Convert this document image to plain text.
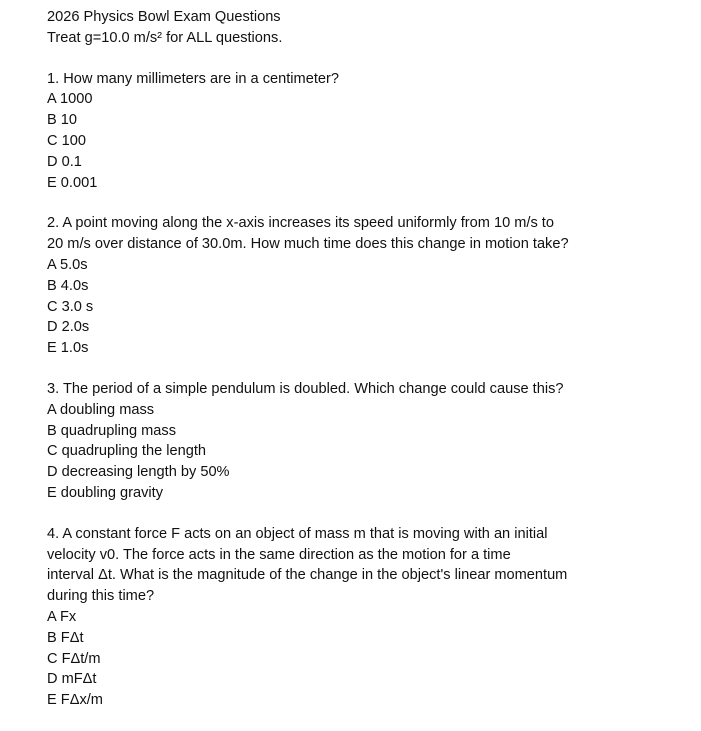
2026 Physics Bowl Exam Questions
Treat g=10.0 m/s² for ALL questions.
1. How many millimeters are in a centimeter?
A 1000
B 10
C 100
D 0.1
E 0.001
2. A point moving along the x-axis increases its speed uniformly from 10 m/s to
20 m/s over distance of 30.0m. How much time does this change in motion take?
A 5.0s
B 4.0s
C 3.0 s
D 2.0s
E 1.0s
3. The period of a simple pendulum is doubled. Which change could cause this?
A doubling mass
B quadrupling mass
C quadrupling the length
D decreasing length by 50%
E doubling gravity
4. A constant force F acts on an object of mass m that is moving with an initial
velocity v0. The force acts in the same direction as the motion for a time
interval Δt. What is the magnitude of the change in the object's linear momentum
during this time?
A Fx
B FΔt
C FΔt/m
D mFΔt
E FΔx/m
